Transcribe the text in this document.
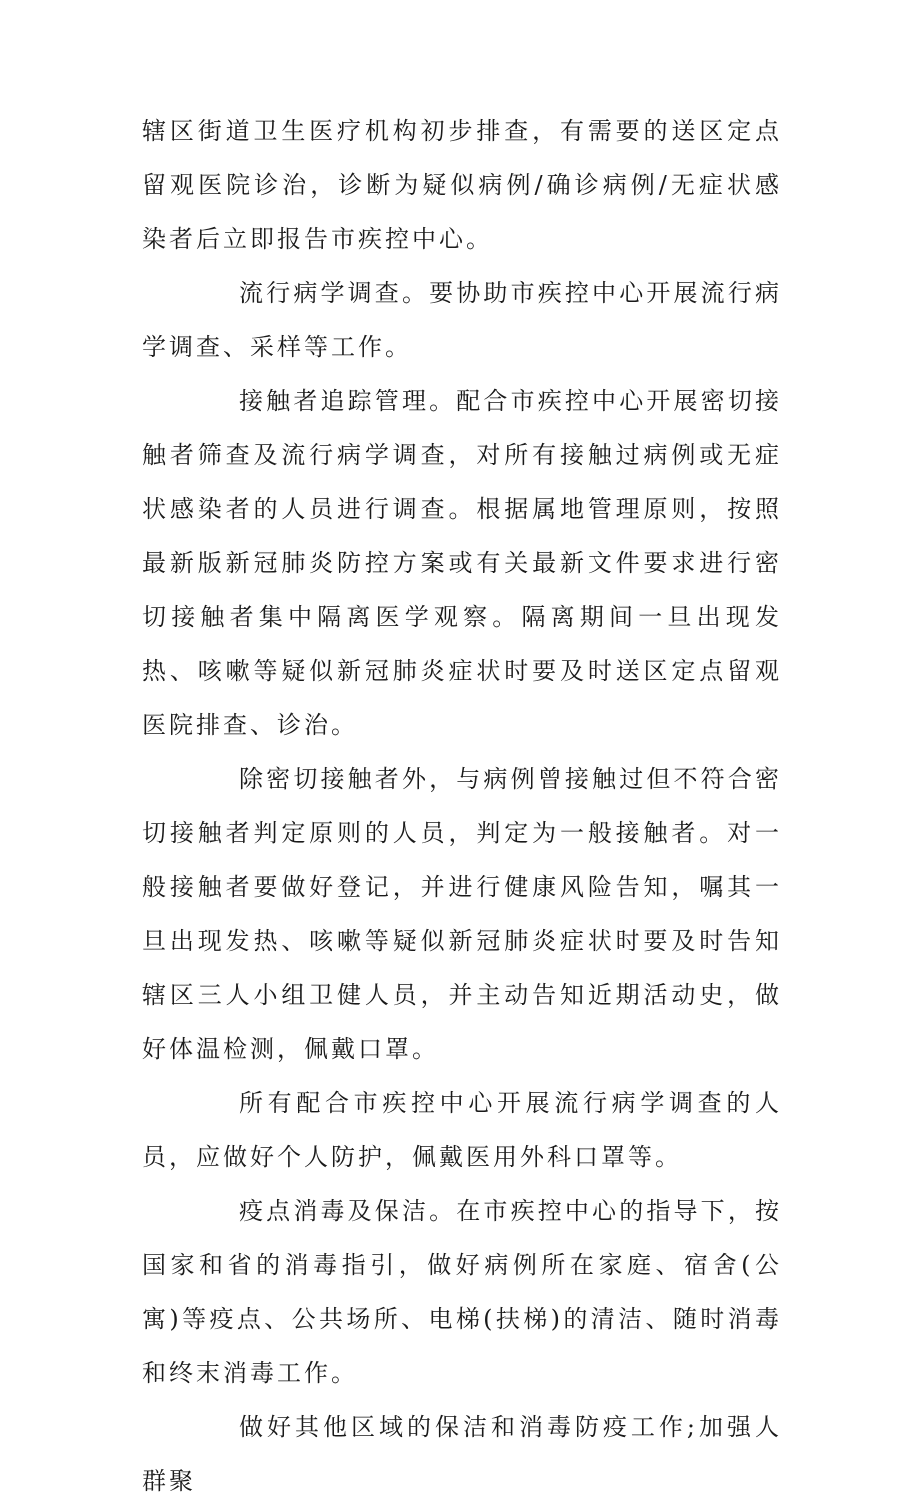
辖区街道卫生医疗机构初步排查，有需要的送区定点留观医院诊治，诊断为疑似病例/确诊病例/无症状感染者后立即报告市疾控中心。

流行病学调查。要协助市疾控中心开展流行病学调查、采样等工作。

接触者追踪管理。配合市疾控中心开展密切接触者筛查及流行病学调查，对所有接触过病例或无症状感染者的人员进行调查。根据属地管理原则，按照最新版新冠肺炎防控方案或有关最新文件要求进行密切接触者集中隔离医学观察。隔离期间一旦出现发热、咳嗽等疑似新冠肺炎症状时要及时送区定点留观医院排查、诊治。

除密切接触者外，与病例曾接触过但不符合密切接触者判定原则的人员，判定为一般接触者。对一般接触者要做好登记，并进行健康风险告知，嘱其一旦出现发热、咳嗽等疑似新冠肺炎症状时要及时告知辖区三人小组卫健人员，并主动告知近期活动史，做好体温检测，佩戴口罩。

所有配合市疾控中心开展流行病学调查的人员，应做好个人防护，佩戴医用外科口罩等。

疫点消毒及保洁。在市疾控中心的指导下，按国家和省的消毒指引，做好病例所在家庭、宿舍(公寓)等疫点、公共场所、电梯(扶梯)的清洁、随时消毒和终末消毒工作。

做好其他区域的保洁和消毒防疫工作;加强人群聚
